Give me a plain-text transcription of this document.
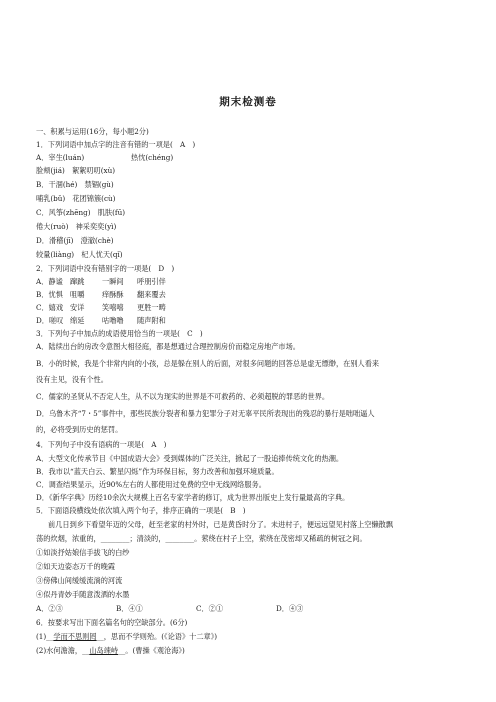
期末检测卷
一、积累与运用(16分，每小题2分)
1．下列词语中加点字的注音有错的一项是(　A　)
A．宰生(luán)	热忱(chénɡ)
脸颊(jiá)　絮絮叨叨(xù)
B．干涸(hé)　禁锢(ɡù)
哺乳(bǔ)　花团锦簇(cù)
C．风筝(zhēnɡ)　肌肤(fū)
倦大(ruò)　神采奕奕(yì)
D．滑稽(jī)　澄澈(chè)
较量(liànɡ)　杞人忧天(qǐ)
2．下列词语中没有错别字的一项是(　D　)
A．静谧 蹿跳 一瞬间 呼朋引伴
B．忧惧 咀嚼 痒酥酥 翻来覆去
C．嬉戏 安详 笑嘻嘻 更胜一畴
D．嗟叹 绵延 咕噜噜 随声附和
3．下列句子中加点的成语使用恰当的一项是(　C　)
A．陆续出台的房改令意图大相径庭，都是想通过合理控制房价而稳定房地产市场。
B．小的时候，我是个非常内向的小孩，总是躲在别人的后面，对很多问题的回答总是虚无缥缈，在别人看来
没有主见，没有个性。
C．儒家的圣贤从不否定人生，从不以为现实的世界是不可救药的、必须超脱的罪恶的世界。
D．乌鲁木齐“7・5”事件中，那些民族分裂者和暴力犯罪分子对无辜平民所表现出的残忍的暴行是咄咄逼人
的，必将受到历史的惩罚。
4．下列句子中没有语病的一项是(　A　)
A．大型文化传承节目《中国成语大会》受到媒体的广泛关注，掀起了一股追捧传统文化的热潮。
B．我市以“蓝天白云、繁星闪烁”作为环保目标，努力改善和加强环境质量。
C．调查结果显示，近90%左右的人都使用过免费的空中无线网络服务。
D．《新华字典》历经10余次大规模上百名专家学者的修订，成为世界出版史上发行量最高的字典。
5．下面语段横线处依次填入两个句子，排序正确的一项是(　B　)
前几日到乡下看望年迈的父母，赶至老家的村外时，已是黄昏时分了。未进村子，便远远望见村落上空懒散飘
荡的炊烟，浓重的，________；清淡的，________。萦绕在村子上空，萦绕在茂密却又稀疏的树冠之间。
①如淡抒姑娘信手拔飞的白纱
②如天边姿态万千的晚霞
③傍佛山间缓缓流淌的河流
④似丹青妙手随意泼洒的水墨
A．②③	B．④①	C．②①	D．④③
6．按要求写出下面名篇名句的空缺部分。(6分)
(1)__学而不思则罔__，思而不学则殆。(《论语》十二章》)
(2)水何澹澹，__山岛竦峙__。(曹操《观沧海》)
